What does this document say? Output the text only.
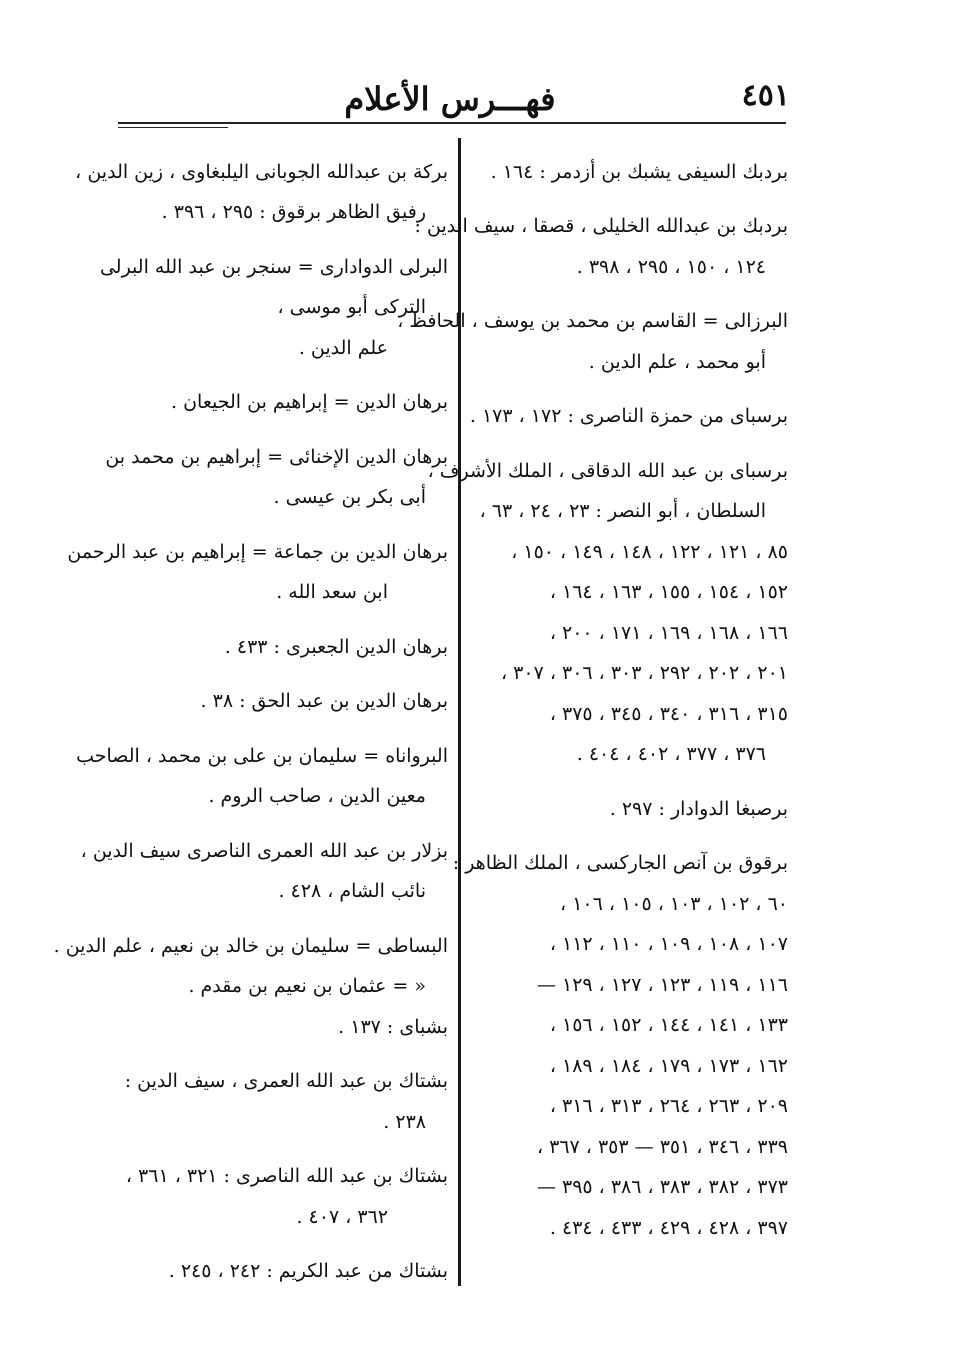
٤٥١
فهـــرس الأعلام
بردبك السيفى يشبك بن أزدمر : ١٦٤ .
بردبك بن عبدالله الخليلى ، قصقا ، سيف الدين :
١٢٤ ، ١٥٠ ، ٢٩٥ ، ٣٩٨ .
البرزالى = القاسم بن محمد بن يوسف ، الحافظ ،
أبو محمد ، علم الدين .
برسباى من حمزة الناصرى : ١٧٢ ، ١٧٣ .
برسباى بن عبد الله الدقاقى ، الملك الأشرف ،
السلطان ، أبو النصر : ٢٣ ، ٢٤ ، ٦٣ ،
٨٥ ، ١٢١ ، ١٢٢ ، ١٤٨ ، ١٤٩ ، ١٥٠ ،
١٥٢ ، ١٥٤ ، ١٥٥ ، ١٦٣ ، ١٦٤ ،
١٦٦ ، ١٦٨ ، ١٦٩ ، ١٧١ ، ٢٠٠ ،
٢٠١ ، ٢٠٢ ، ٢٩٢ ، ٣٠٣ ، ٣٠٦ ، ٣٠٧ ،
٣١٥ ، ٣١٦ ، ٣٤٠ ، ٣٤٥ ، ٣٧٥ ،
٣٧٦ ، ٣٧٧ ، ٤٠٢ ، ٤٠٤ .
برصبغا الدوادار : ٢٩٧ .
برقوق بن آنص الجاركسى ، الملك الظاهر :
٦٠ ، ١٠٢ ، ١٠٣ ، ١٠٥ ، ١٠٦ ،
١٠٧ ، ١٠٨ ، ١٠٩ ، ١١٠ ، ١١٢ ،
١١٦ ، ١١٩ ، ١٢٣ ، ١٢٧ ، ١٢٩ —
١٣٣ ، ١٤١ ، ١٤٤ ، ١٥٢ ، ١٥٦ ،
١٦٢ ، ١٧٣ ، ١٧٩ ، ١٨٤ ، ١٨٩ ،
٢٠٩ ، ٢٦٣ ، ٢٦٤ ، ٣١٣ ، ٣١٦ ،
٣٣٩ ، ٣٤٦ ، ٣٥١ — ٣٥٣ ، ٣٦٧ ،
٣٧٣ ، ٣٨٢ ، ٣٨٣ ، ٣٨٦ ، ٣٩٥ —
٣٩٧ ، ٤٢٨ ، ٤٢٩ ، ٤٣٣ ، ٤٣٤ .
بركة بن عبدالله الجوبانى اليلبغاوى ، زين الدين ،
رفيق الظاهر برقوق : ٢٩٥ ، ٣٩٦ .
البرلى الدوادارى = سنجر بن عبد الله البرلى
التركى أبو موسى ،
علم الدين .
برهان الدين = إبراهيم بن الجيعان .
برهان الدين الإخنائى = إبراهيم بن محمد بن
أبى بكر بن عيسى .
برهان الدين بن جماعة = إبراهيم بن عبد الرحمن
ابن سعد الله .
برهان الدين الجعبرى : ٤٣٣ .
برهان الدين بن عبد الحق : ٣٨ .
البرواناه = سليمان بن على بن محمد ، الصاحب
معين الدين ، صاحب الروم .
بزلار بن عبد الله العمرى الناصرى سيف الدين ،
نائب الشام ، ٤٢٨ .
البساطى = سليمان بن خالد بن نعيم ، علم الدين .
« = عثمان بن نعيم بن مقدم .
بشباى : ١٣٧ .
بشتاك بن عبد الله العمرى ، سيف الدين :
٢٣٨ .
بشتاك بن عبد الله الناصرى : ٣٢١ ، ٣٦١ ،
٣٦٢ ، ٤٠٧ .
بشتاك من عبد الكريم : ٢٤٢ ، ٢٤٥ .
